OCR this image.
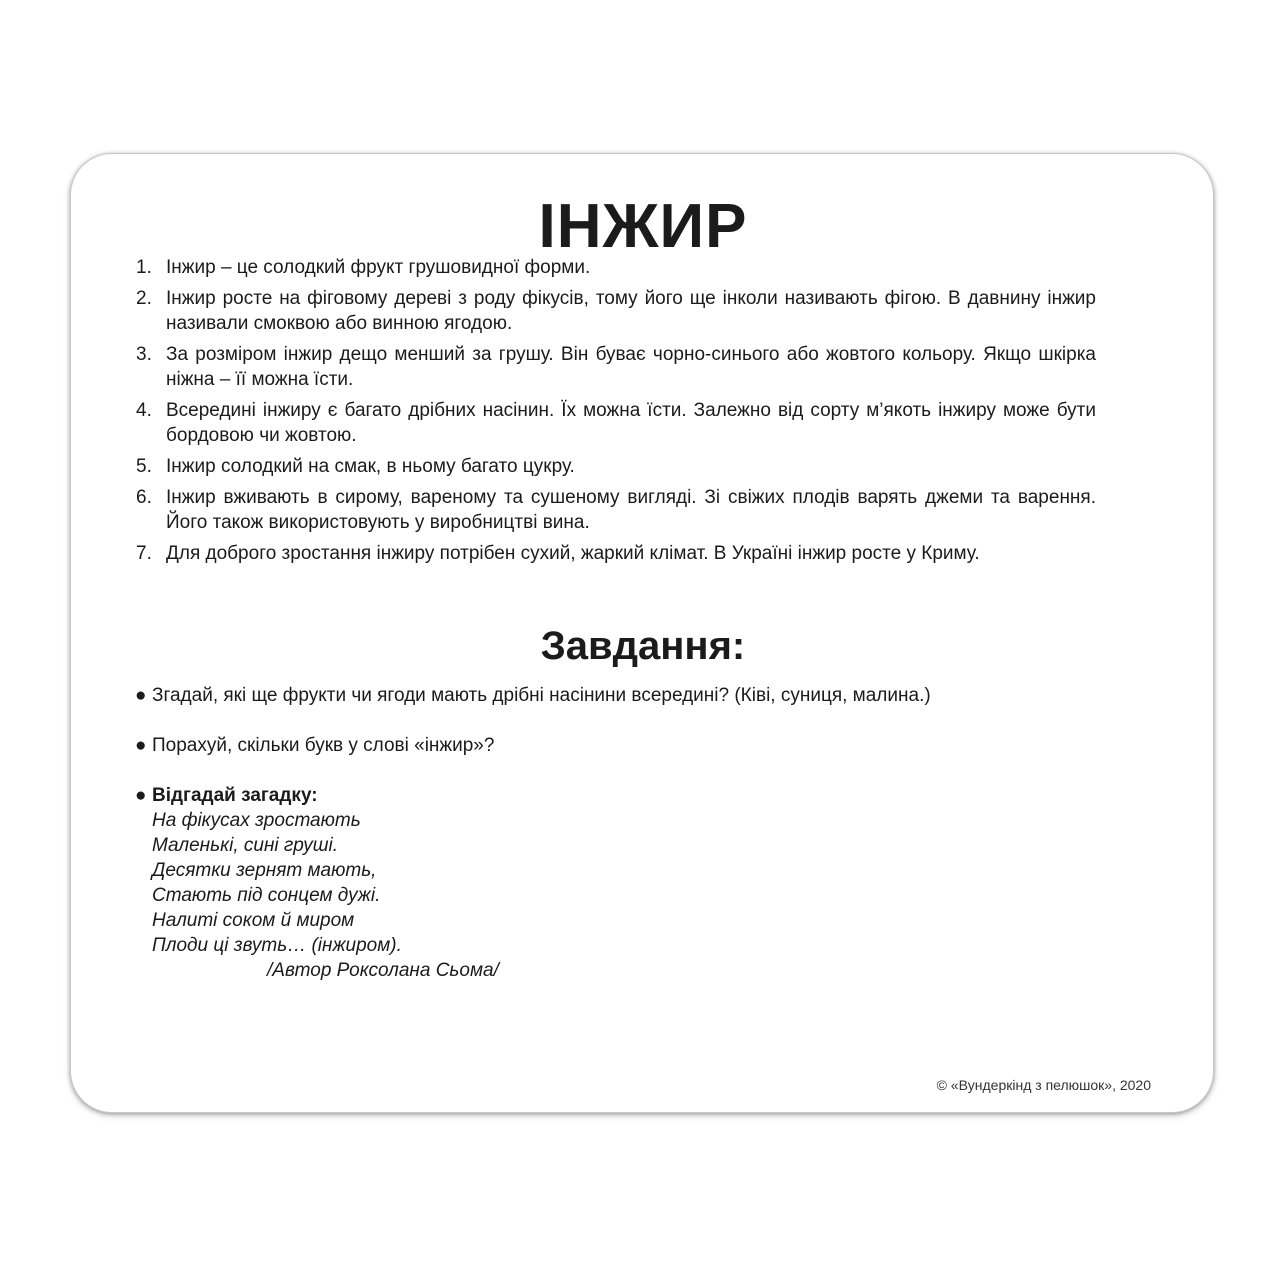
ІНЖИР
1. Інжир – це солодкий фрукт грушовидної форми.
2. Інжир росте на фіговому дереві з роду фікусів, тому його ще інколи називають фігою. В давнину інжир називали смоквою або винною ягодою.
3. За розміром інжир дещо менший за грушу. Він буває чорно-синього або жовтого кольору. Якщо шкірка ніжна – її можна їсти.
4. Всередині інжиру є багато дрібних насінин. Їх можна їсти. Залежно від сорту м’якоть інжиру може бути бордовою чи жовтою.
5. Інжир солодкий на смак, в ньому багато цукру.
6. Інжир вживають в сирому, вареному та сушеному вигляді. Зі свіжих плодів варять джеми та варення. Його також використовують у виробництві вина.
7. Для доброго зростання інжиру потрібен сухий, жаркий клімат. В Україні інжир росте у Криму.
Завдання:
● Згадай, які ще фрукти чи ягоди мають дрібні насінини всередині? (Ківі, суниця, малина.)
● Порахуй, скільки букв у слові «інжир»?
● Відгадай загадку:
На фікусах зростають
Маленькі, сині груші.
Десятки зернят мають,
Стають під сонцем дужі.
Налиті соком й миром
Плоди ці звуть… (інжиром).
/Автор Роксолана Сьома/
© «Вундеркінд з пелюшок», 2020
